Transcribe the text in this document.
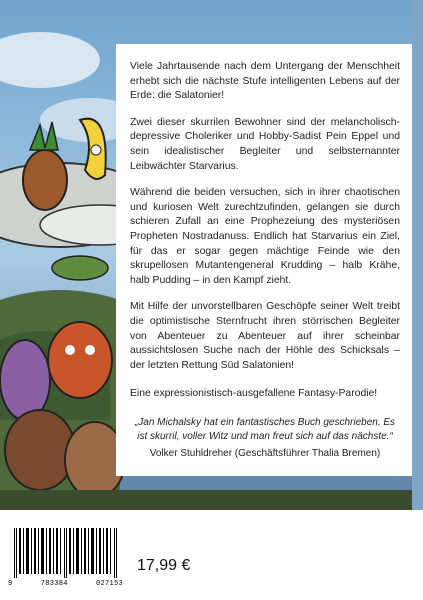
Viele Jahrtausende nach dem Untergang der Menschheit erhebt sich die nächste Stufe intelligenten Lebens auf der Erde: die Salatonier!

Zwei dieser skurrilen Bewohner sind der melancholisch-depressive Choleriker und Hobby-Sadist Pein Eppel und sein idealistischer Begleiter und selbsternannter Leibwächter Starvarius.

Während die beiden versuchen, sich in ihrer chaotischen und kuriosen Welt zurechtzufinden, gelangen sie durch schieren Zufall an eine Prophezeiung des mysteriösen Propheten Nostradanuss. Endlich hat Starvarius ein Ziel, für das er sogar gegen mächtige Feinde wie den skrupellosen Mutantengeneral Krudding – halb Krähe, halb Pudding – in den Kampf zieht.

Mit Hilfe der unvorstellbaren Geschöpfe seiner Welt treibt die optimistische Sternfrucht ihren störrischen Begleiter von Abenteuer zu Abenteuer auf ihrer scheinbar aussichtslosen Suche nach der Höhle des Schicksals – der letzten Rettung Süd Salatonien!

Eine expressionistisch-ausgefallene Fantasy-Parodie!

„Jan Michalsky hat ein fantastisches Buch geschrieben. Es ist skurril, voller Witz und man freut sich auf das nächste.“
Volker Stuhldreher (Geschäftsführer Thalia Bremen)
9	783384	027153
17,99 €
